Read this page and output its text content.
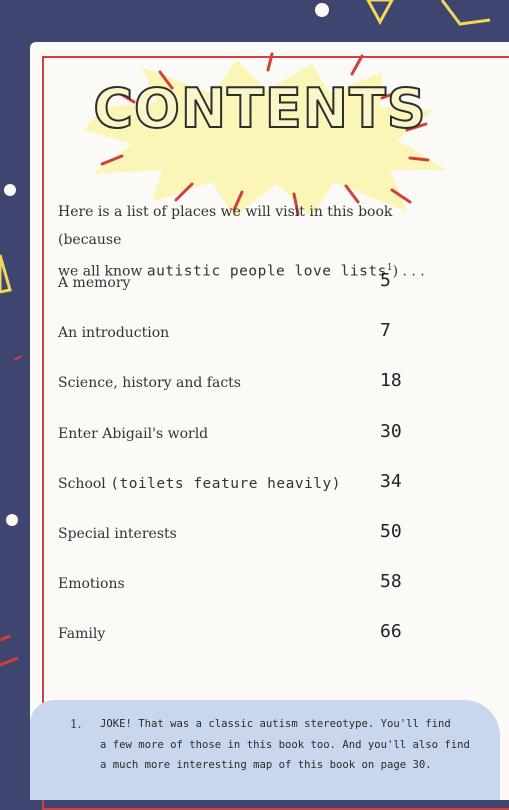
CONTENTS
Here is a list of places we will visit in this book (because
we all know autistic people love lists$^1$) . . .
A memory	5
An introduction	7
Science, history and facts	18
Enter Abigail's world	30
School (toilets feature heavily) 34
Special interests	50
Emotions	58
Family	66
1. JOKE! That was a classic autism stereotype. You'll find
a few more of those in this book too. And you'll also find
a much more interesting map of this book on page 30.
